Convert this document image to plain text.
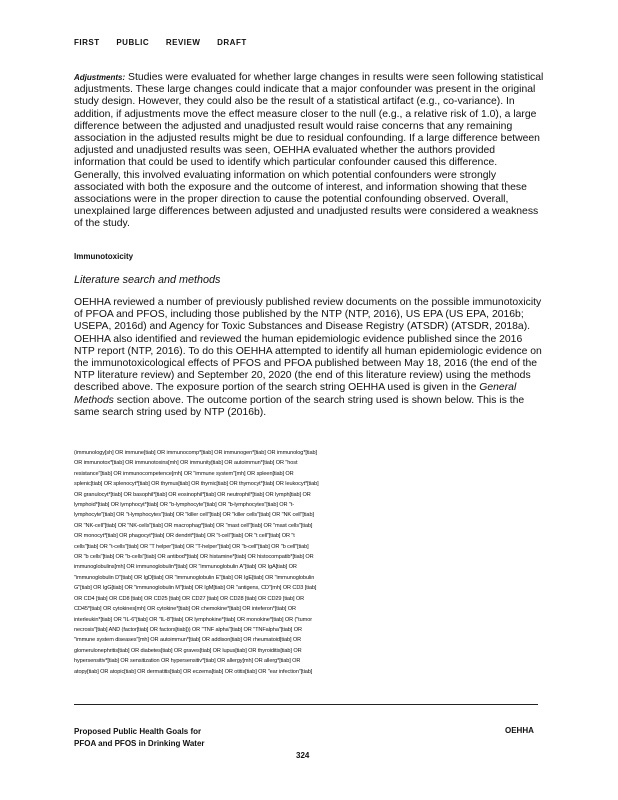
FIRST PUBLIC REVIEW DRAFT

Adjustments: Studies were evaluated for whether large changes in results were seen following statistical adjustments. These large changes could indicate that a major confounder was present in the original study design. However, they could also be the result of a statistical artifact (e.g., co-variance). In addition, if adjustments move the effect measure closer to the null (e.g., a relative risk of 1.0), a large difference between the adjusted and unadjusted result would raise concerns that any remaining association in the adjusted results might be due to residual confounding. If a large difference between adjusted and unadjusted results was seen, OEHHA evaluated whether the authors provided information that could be used to identify which particular confounder caused this difference. Generally, this involved evaluating information on which potential confounders were strongly associated with both the exposure and the outcome of interest, and information showing that these associations were in the proper direction to cause the potential confounding observed. Overall, unexplained large differences between adjusted and unadjusted results were considered a weakness of the study.

Immunotoxicity
Literature search and methods

OEHHA reviewed a number of previously published review documents on the possible immunotoxicity of PFOA and PFOS, including those published by the NTP (NTP, 2016), US EPA (US EPA, 2016b; USEPA, 2016d) and Agency for Toxic Substances and Disease Registry (ATSDR) (ATSDR, 2018a). OEHHA also identified and reviewed the human epidemiologic evidence published since the 2016 NTP report (NTP, 2016). To do this OEHHA attempted to identify all human epidemiologic evidence on the immunotoxicological effects of PFOS and PFOA published between May 18, 2016 (the end of the NTP literature review) and September 20, 2020 (the end of this literature review) using the methods described above. The exposure portion of the search string OEHHA used is given in the General Methods section above. The outcome portion of the search string used is shown below. This is the same search string used by NTP (2016b).

(immunology[sh] OR immune[tiab] OR immunocomp*[tiab] OR immunogen*[tiab] OR immunolog*[tiab]
OR immunotox*[tiab] OR immunotoxins[mh] OR immunity[tiab] OR autoimmun*[tiab] OR "host
resistance"[tiab] OR immunocompetence[mh] OR "immune system"[mh] OR spleen[tiab] OR
splenic[tiab] OR splenocyt*[tiab] OR thymus[tiab] OR thymic[tiab] OR thymocyt*[tiab] OR leukocyt*[tiab]
OR granulocyt*[tiab] OR basophil*[tiab] OR eosinophil*[tiab] OR neutrophil*[tiab] OR lymph[tiab] OR
lymphoid*[tiab] OR lymphocyt*[tiab] OR "b-lymphocyte"[tiab] OR "b-lymphocytes"[tiab] OR "t-
lymphocyte"[tiab] OR "t-lymphocytes"[tiab] OR "killer cell"[tiab] OR "killer cells"[tiab] OR "NK cell"[tiab]
OR "NK-cell"[tiab] OR "NK-cells"[tiab] OR macrophag*[tiab] OR "mast cell"[tiab] OR "mast cells"[tiab]
OR monocyt*[tiab] OR phagocyt*[tiab] OR dendrit*[tiab] OR "t-cell"[tiab] OR "t cell"[tiab] OR "t
cells"[tiab] OR "t-cells"[tiab] OR "T helper"[tiab] OR "T-helper"[tiab] OR "b-cell"[tiab] OR "b cell"[tiab]
OR "b cells"[tiab] OR "b-cells"[tiab] OR antibod*[tiab] OR histamine*[tiab] OR histocompatib*[tiab] OR
immunoglobulins[mh] OR immunoglobulin*[tiab] OR "immunoglobulin A"[tiab] OR IgA[tiab] OR
"immunoglobulin D"[tiab] OR IgD[tiab] OR "immunoglobulin E"[tiab] OR IgE[tiab] OR "immunoglobulin
G"[tiab] OR IgG[tiab] OR "immunoglobulin M"[tiab] OR IgM[tiab] OR "antigens, CD"[mh] OR CD3 [tiab]
OR CD4 [tiab] OR CD8 [tiab] OR CD25 [tiab] OR CD27 [tiab] OR CD28 [tiab] OR CD29 [tiab] OR
CD45*[tiab] OR cytokines[mh] OR cytokine*[tiab] OR chemokine*[tiab] OR inteferon*[tiab] OR
interleukin*[tiab] OR "IL-6"[tiab] OR "IL-8"[tiab] OR lymphokine*[tiab] OR monokine*[tiab] OR ("tumor
necrosis"[tiab] AND (factor[tiab] OR factors[tiab])) OR "TNF alpha"[tiab] OR "TNFalpha"[tiab] OR
"immune system diseases"[mh] OR autoimmun*[tiab] OR addison[tiab] OR rheumatoid[tiab] OR
glomerulonephritis[tiab] OR diabetes[tiab] OR graves[tiab] OR lupus[tiab] OR thyroiditis[tiab] OR
hypersensitiv*[tiab] OR sensitization OR hypersensitiv*[tiab] OR allergy[mh] OR allerg*[tiab] OR
atopy[tiab] OR atopic[tiab] OR dermatitis[tiab] OR eczema[tiab] OR otitis[tiab] OR "ear infection"[tiab]
Proposed Public Health Goals for
PFOA and PFOS in Drinking Water
OEHHA
324
